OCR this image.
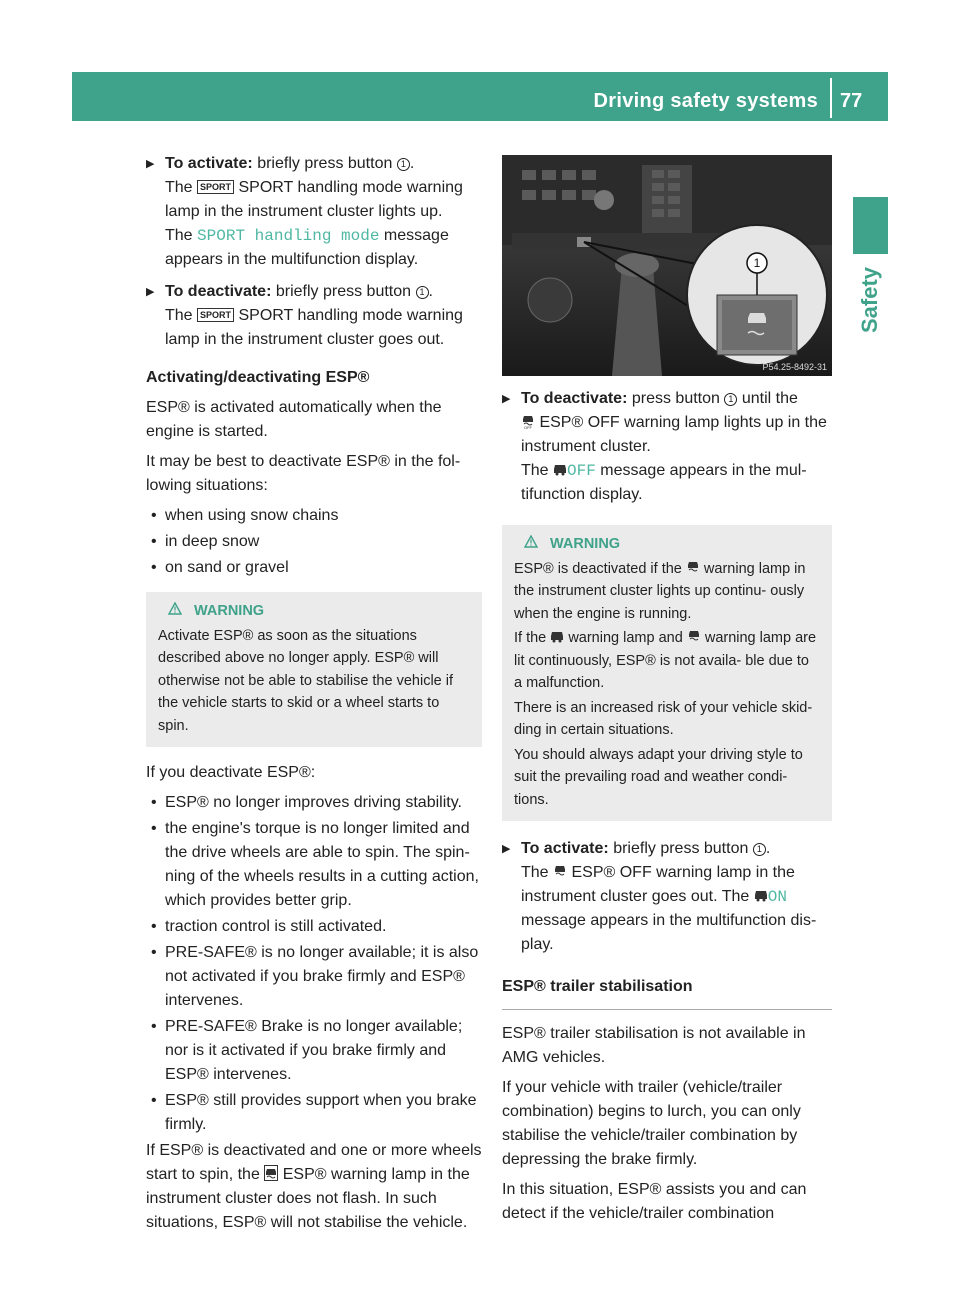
Driving safety systems 77
Safety
▶ To activate: briefly press button 1 .
The SPORT SPORT handling mode warning
lamp in the instrument cluster lights up.
The SPORT handling mode message
appears in the multifunction display.
▶ To deactivate: briefly press button 1 .
The SPORT SPORT handling mode warning
lamp in the instrument cluster goes out.
Activating/deactivating ESP®

ESP® is activated automatically when the engine is started.

It may be best to deactivate ESP® in the fol- lowing situations:

• when using snow chains
• in deep snow
• on sand or gravel
WARNING

Activate ESP® as soon as the situations described above no longer apply. ESP® will otherwise not be able to stabilise the vehicle if the vehicle starts to skid or a wheel starts to spin.

If you deactivate ESP®:

• ESP® no longer improves driving stability.
• the engine's torque is no longer limited and the drive wheels are able to spin. The spin- ning of the wheels results in a cutting action, which provides better grip.
• traction control is still activated.
• PRE-SAFE® is no longer available; it is also not activated if you brake firmly and ESP® intervenes.
• PRE-SAFE® Brake is no longer available; nor is it activated if you brake firmly and ESP® intervenes.
• ESP® still provides support when you brake firmly.

If ESP® is deactivated and one or more wheels start to spin, the ESP® warning lamp in the instrument cluster does not flash. In such situations, ESP® will not stabilise the vehicle.

1
P54.25-8492-31
▶ To deactivate: press button 1 until the

OFF ESP® OFF warning lamp lights up in the instrument cluster.
The OFF message appears in the mul- tifunction display.
WARNING

ESP® is deactivated if the warning lamp in the instrument cluster lights up continu- ously when the engine is running.

If the warning lamp and warning lamp are lit continuously, ESP® is not availa- ble due to a malfunction.

There is an increased risk of your vehicle skid- ding in certain situations.

You should always adapt your driving style to suit the prevailing road and weather condi- tions.

▶ To activate: briefly press button 1 .
The ESP® OFF warning lamp in the instrument cluster goes out. The ON
message appears in the multifunction dis- play.
ESP® trailer stabilisation

ESP® trailer stabilisation is not available in AMG vehicles.

If your vehicle with trailer (vehicle/trailer combination) begins to lurch, you can only stabilise the vehicle/trailer combination by depressing the brake firmly.

In this situation, ESP® assists you and can detect if the vehicle/trailer combination
